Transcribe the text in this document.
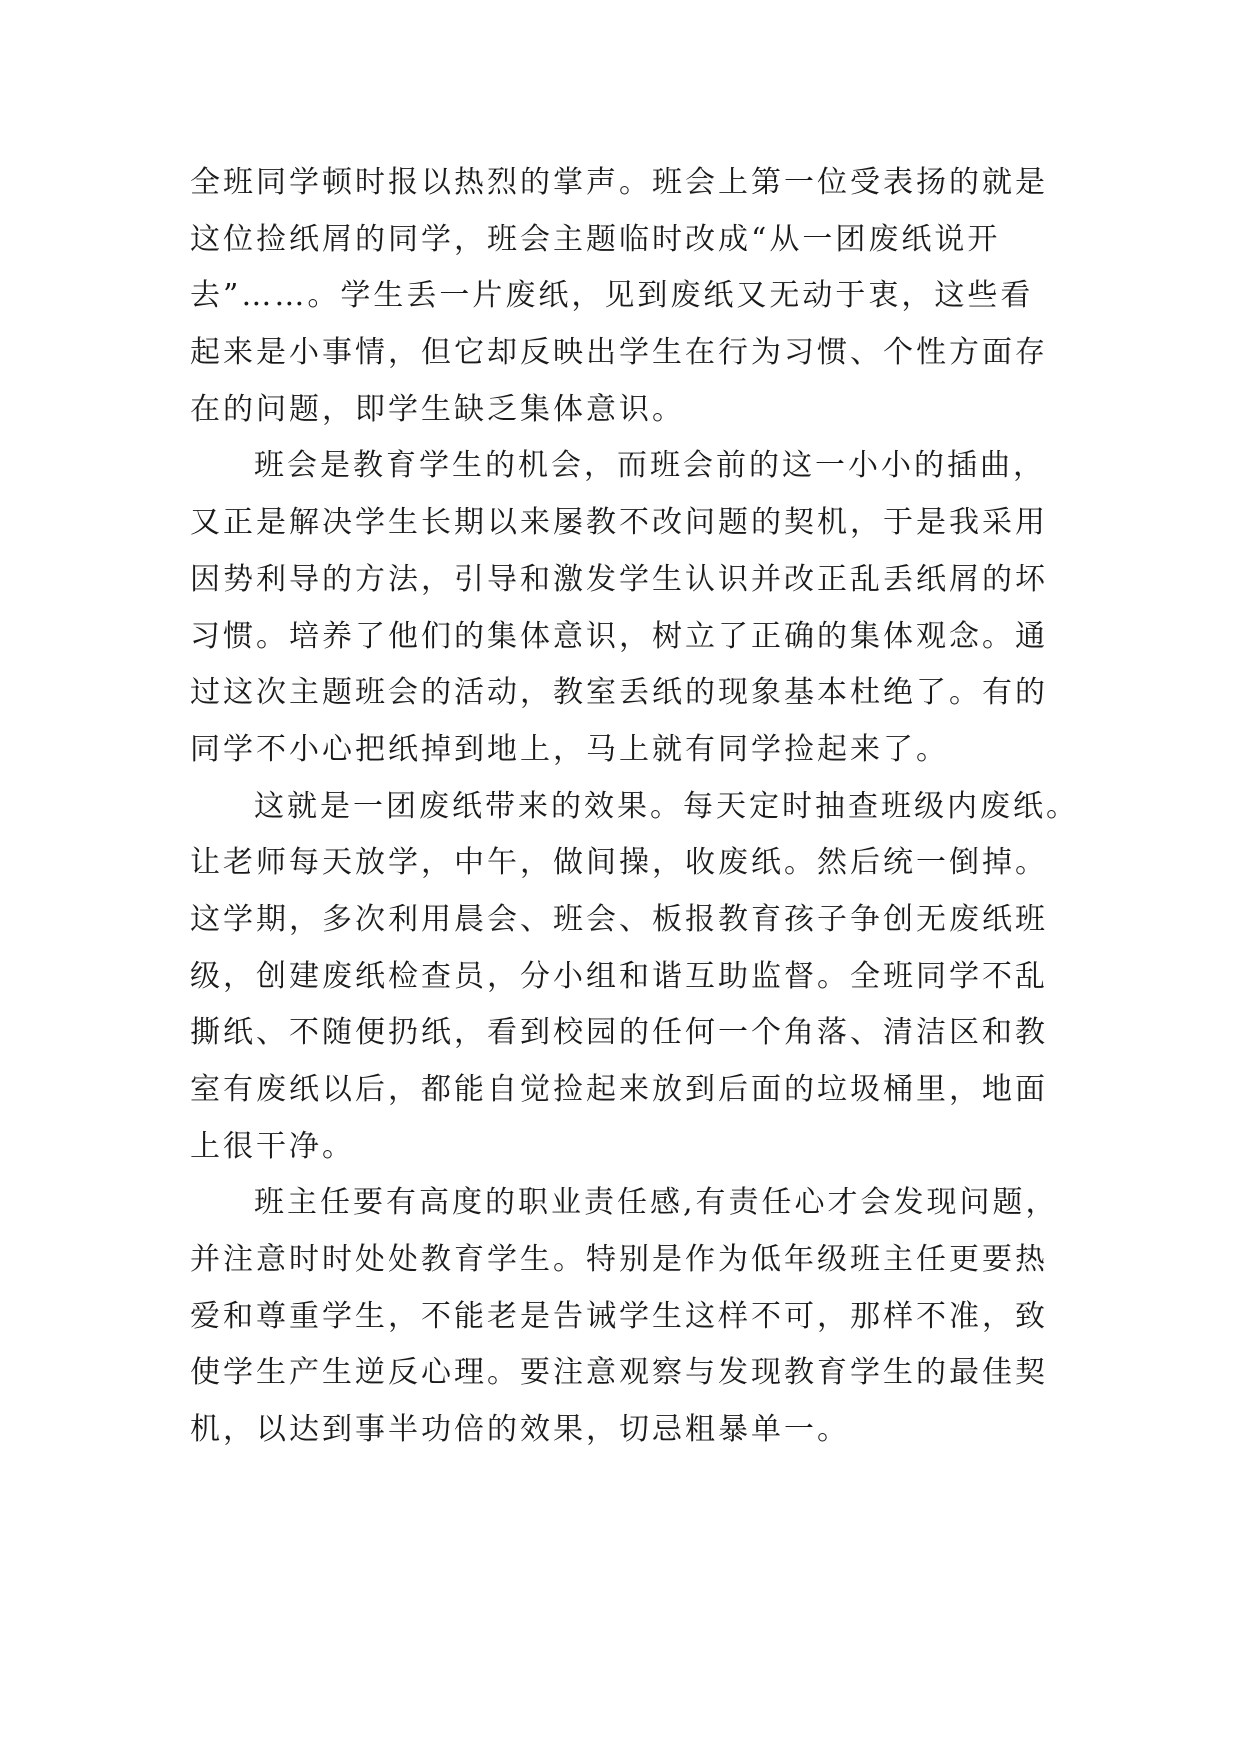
全班同学顿时报以热烈的掌声。班会上第一位受表扬的就是
这位捡纸屑的同学，班会主题临时改成“从一团废纸说开
去”……。学生丢一片废纸，见到废纸又无动于衷，这些看
起来是小事情，但它却反映出学生在行为习惯、个性方面存
在的问题，即学生缺乏集体意识。
班会是教育学生的机会，而班会前的这一小小的插曲，
又正是解决学生长期以来屡教不改问题的契机，于是我采用
因势利导的方法，引导和激发学生认识并改正乱丢纸屑的坏
习惯。培养了他们的集体意识，树立了正确的集体观念。通
过这次主题班会的活动，教室丢纸的现象基本杜绝了。有的
同学不小心把纸掉到地上，马上就有同学捡起来了。
这就是一团废纸带来的效果。每天定时抽查班级内废纸。
让老师每天放学，中午，做间操，收废纸。然后统一倒掉。
这学期，多次利用晨会、班会、板报教育孩子争创无废纸班
级，创建废纸检查员，分小组和谐互助监督。全班同学不乱
撕纸、不随便扔纸，看到校园的任何一个角落、清洁区和教
室有废纸以后，都能自觉捡起来放到后面的垃圾桶里，地面
上很干净。
班主任要有高度的职业责任感,有责任心才会发现问题，
并注意时时处处教育学生。特别是作为低年级班主任更要热
爱和尊重学生，不能老是告诫学生这样不可，那样不准，致
使学生产生逆反心理。要注意观察与发现教育学生的最佳契
机，以达到事半功倍的效果，切忌粗暴单一。
